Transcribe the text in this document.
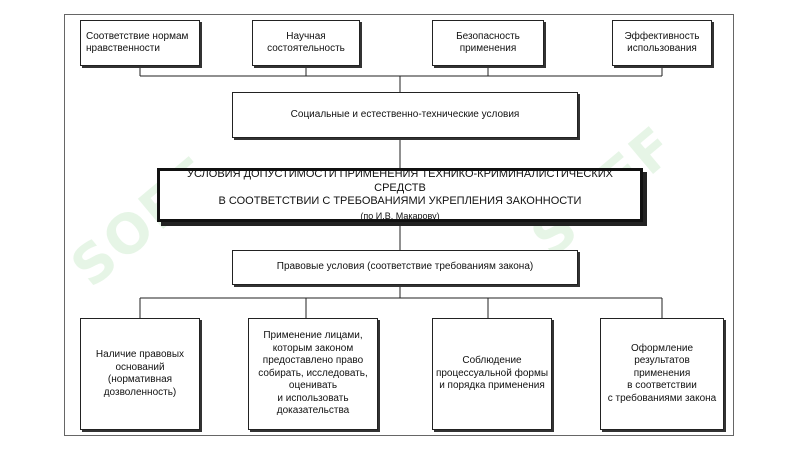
SOFF
Соответствие нормам
нравственности
Научная
состоятельность
Безопасность
применения
Эффективность
использования
Социальные и естественно-технические условия
УСЛОВИЯ ДОПУСТИМОСТИ ПРИМЕНЕНИЯ ТЕХНИКО-КРИМИНАЛИСТИЧЕСКИХ СРЕДСТВ
В СООТВЕТСТВИИ С ТРЕБОВАНИЯМИ УКРЕПЛЕНИЯ ЗАКОННОСТИ
(по И.В. Макарову)
Правовые условия (соответствие требованиям закона)
Наличие правовых
оснований
(нормативная
дозволенность)
Применение лицами,
которым законом
предоставлено право
собирать, исследовать,
оценивать
и использовать
доказательства
Соблюдение
процессуальной формы
и порядка применения
Оформление
результатов
применения
в соответствии
с требованиями закона
